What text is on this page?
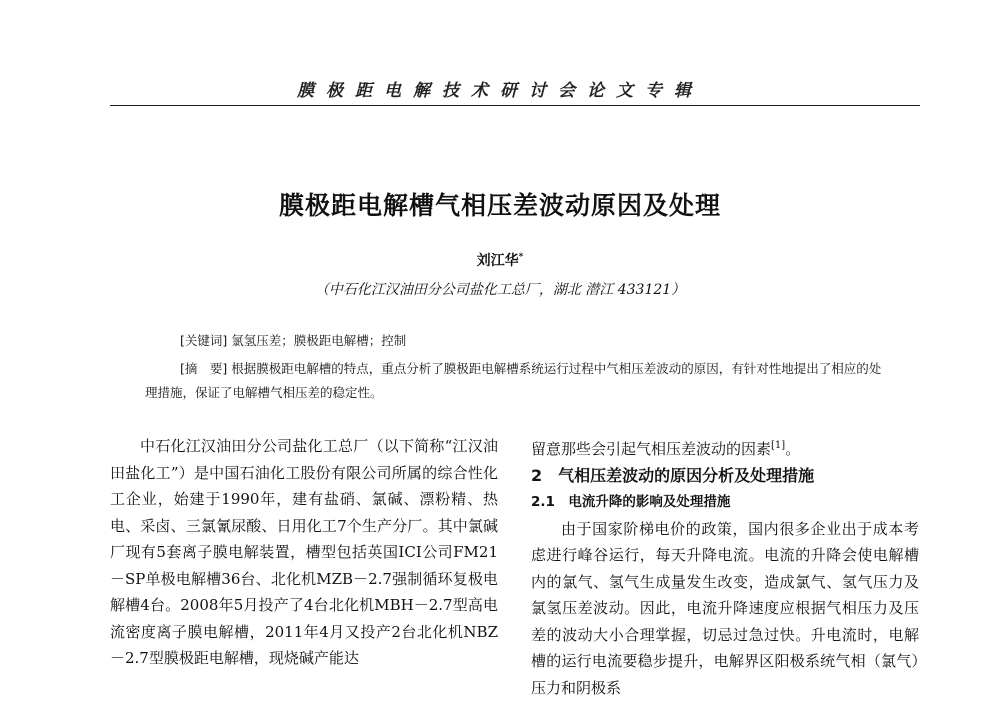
膜极距电解技术研讨会论文专辑
膜极距电解槽气相压差波动原因及处理
刘江华*
（中石化江汉油田分公司盐化工总厂，湖北 潜江 433121）
[关键词] 氯氢压差；膜极距电解槽；控制
[摘　要] 根据膜极距电解槽的特点，重点分析了膜极距电解槽系统运行过程中气相压差波动的原因，有针对性地提出了相应的处理措施，保证了电解槽气相压差的稳定性。

中石化江汉油田分公司盐化工总厂（以下简称“江汉油田盐化工”）是中国石油化工股份有限公司所属的综合性化工企业，始建于1990年，建有盐硝、氯碱、漂粉精、热电、采卤、三氯氰尿酸、日用化工7个生产分厂。其中氯碱厂现有5套离子膜电解装置，槽型包括英国ICI公司FM21－SP单极电解槽36台、北化机MZB－2.7强制循环复极电解槽4台。2008年5月投产了4台北化机MBH－2.7型高电流密度离子膜电解槽，2011年4月又投产2台北化机NBZ－2.7型膜极距电解槽，现烧碱产能达

留意那些会引起气相压差波动的因素[1]。

2　气相压差波动的原因分析及处理措施

2.1　电流升降的影响及处理措施

由于国家阶梯电价的政策，国内很多企业出于成本考虑进行峰谷运行，每天升降电流。电流的升降会使电解槽内的氯气、氢气生成量发生改变，造成氯气、氢气压力及氯氢压差波动。因此，电流升降速度应根据气相压力及压差的波动大小合理掌握，切忌过急过快。升电流时，电解槽的运行电流要稳步提升，电解界区阳极系统气相（氯气）压力和阴极系
